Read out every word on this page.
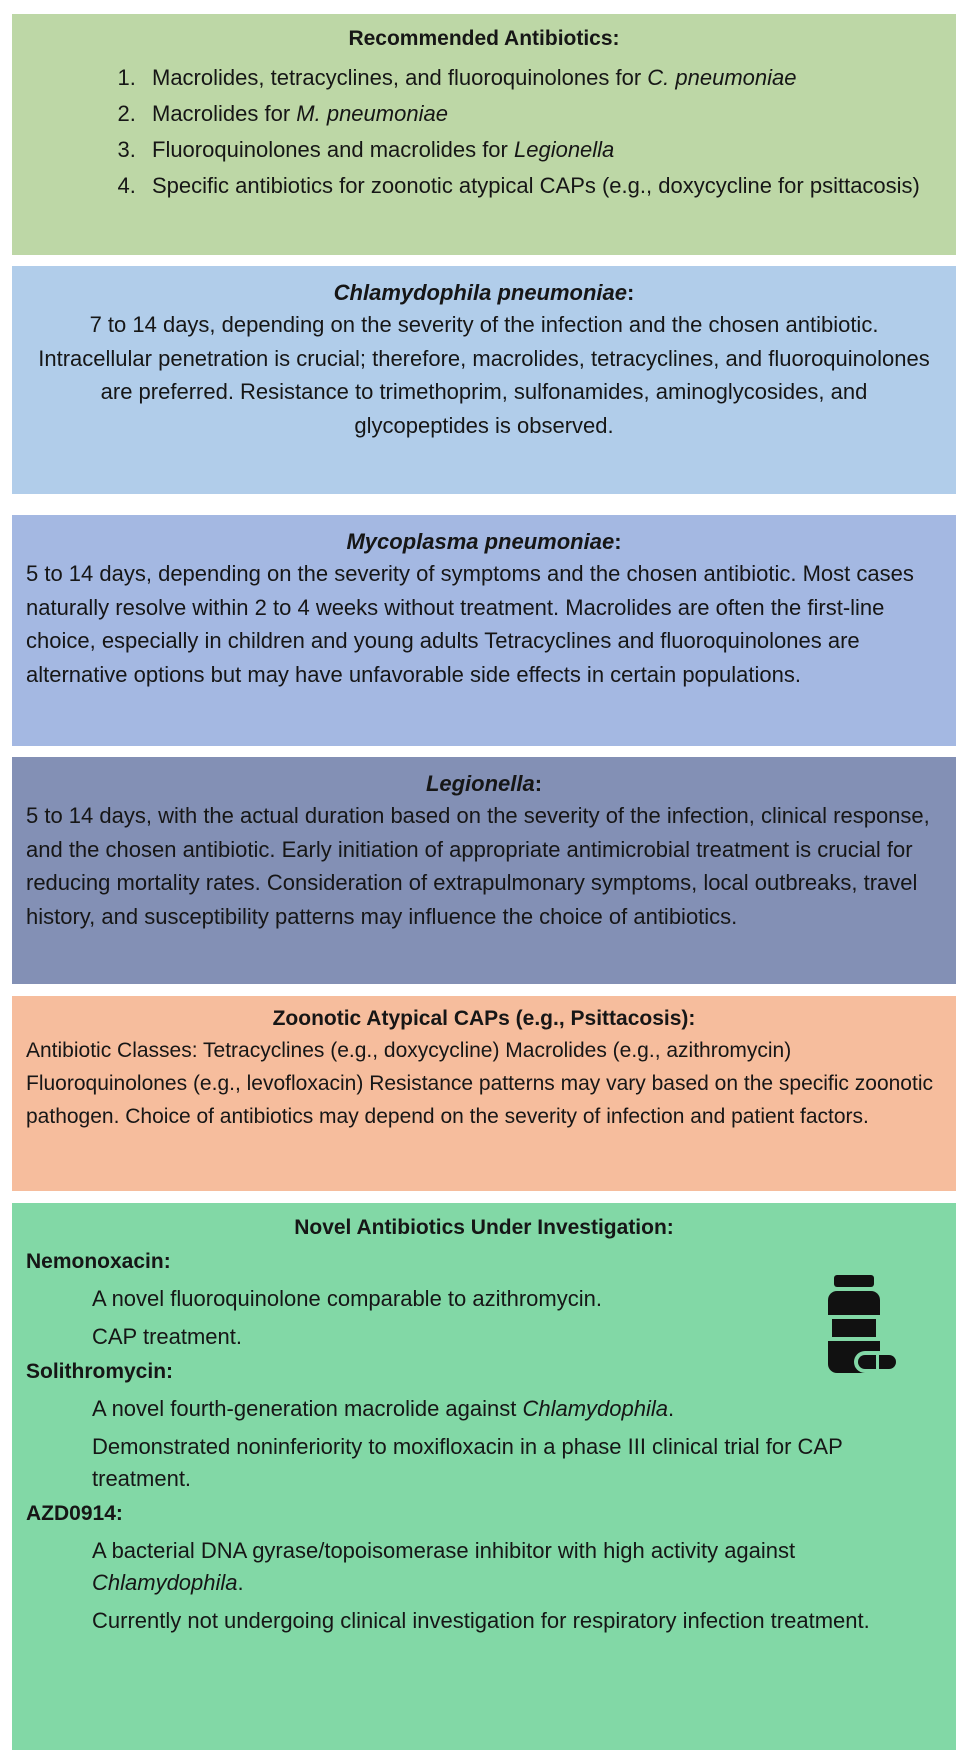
Recommended Antibiotics:
1. Macrolides, tetracyclines, and fluoroquinolones for C. pneumoniae
2. Macrolides for M. pneumoniae
3. Fluoroquinolones and macrolides for Legionella
4. Specific antibiotics for zoonotic atypical CAPs (e.g., doxycycline for psittacosis)
Chlamydophila pneumoniae:
7 to 14 days, depending on the severity of the infection and the chosen antibiotic. Intracellular penetration is crucial; therefore, macrolides, tetracyclines, and fluoroquinolones are preferred. Resistance to trimethoprim, sulfonamides, aminoglycosides, and glycopeptides is observed.
Mycoplasma pneumoniae:
5 to 14 days, depending on the severity of symptoms and the chosen antibiotic. Most cases naturally resolve within 2 to 4 weeks without treatment. Macrolides are often the first-line choice, especially in children and young adults Tetracyclines and fluoroquinolones are alternative options but may have unfavorable side effects in certain populations.
Legionella:
5 to 14 days, with the actual duration based on the severity of the infection, clinical response, and the chosen antibiotic. Early initiation of appropriate antimicrobial treatment is crucial for reducing mortality rates. Consideration of extrapulmonary symptoms, local outbreaks, travel history, and susceptibility patterns may influence the choice of antibiotics.
Zoonotic Atypical CAPs (e.g., Psittacosis):
Antibiotic Classes: Tetracyclines (e.g., doxycycline) Macrolides (e.g., azithromycin) Fluoroquinolones (e.g., levofloxacin) Resistance patterns may vary based on the specific zoonotic pathogen. Choice of antibiotics may depend on the severity of infection and patient factors.
Novel Antibiotics Under Investigation:
Nemonoxacin:
A novel fluoroquinolone comparable to azithromycin.
CAP treatment.
Solithromycin:
A novel fourth-generation macrolide against Chlamydophila.
Demonstrated noninferiority to moxifloxacin in a phase III clinical trial for CAP treatment.
AZD0914:
A bacterial DNA gyrase/topoisomerase inhibitor with high activity against Chlamydophila.
Currently not undergoing clinical investigation for respiratory infection treatment.
